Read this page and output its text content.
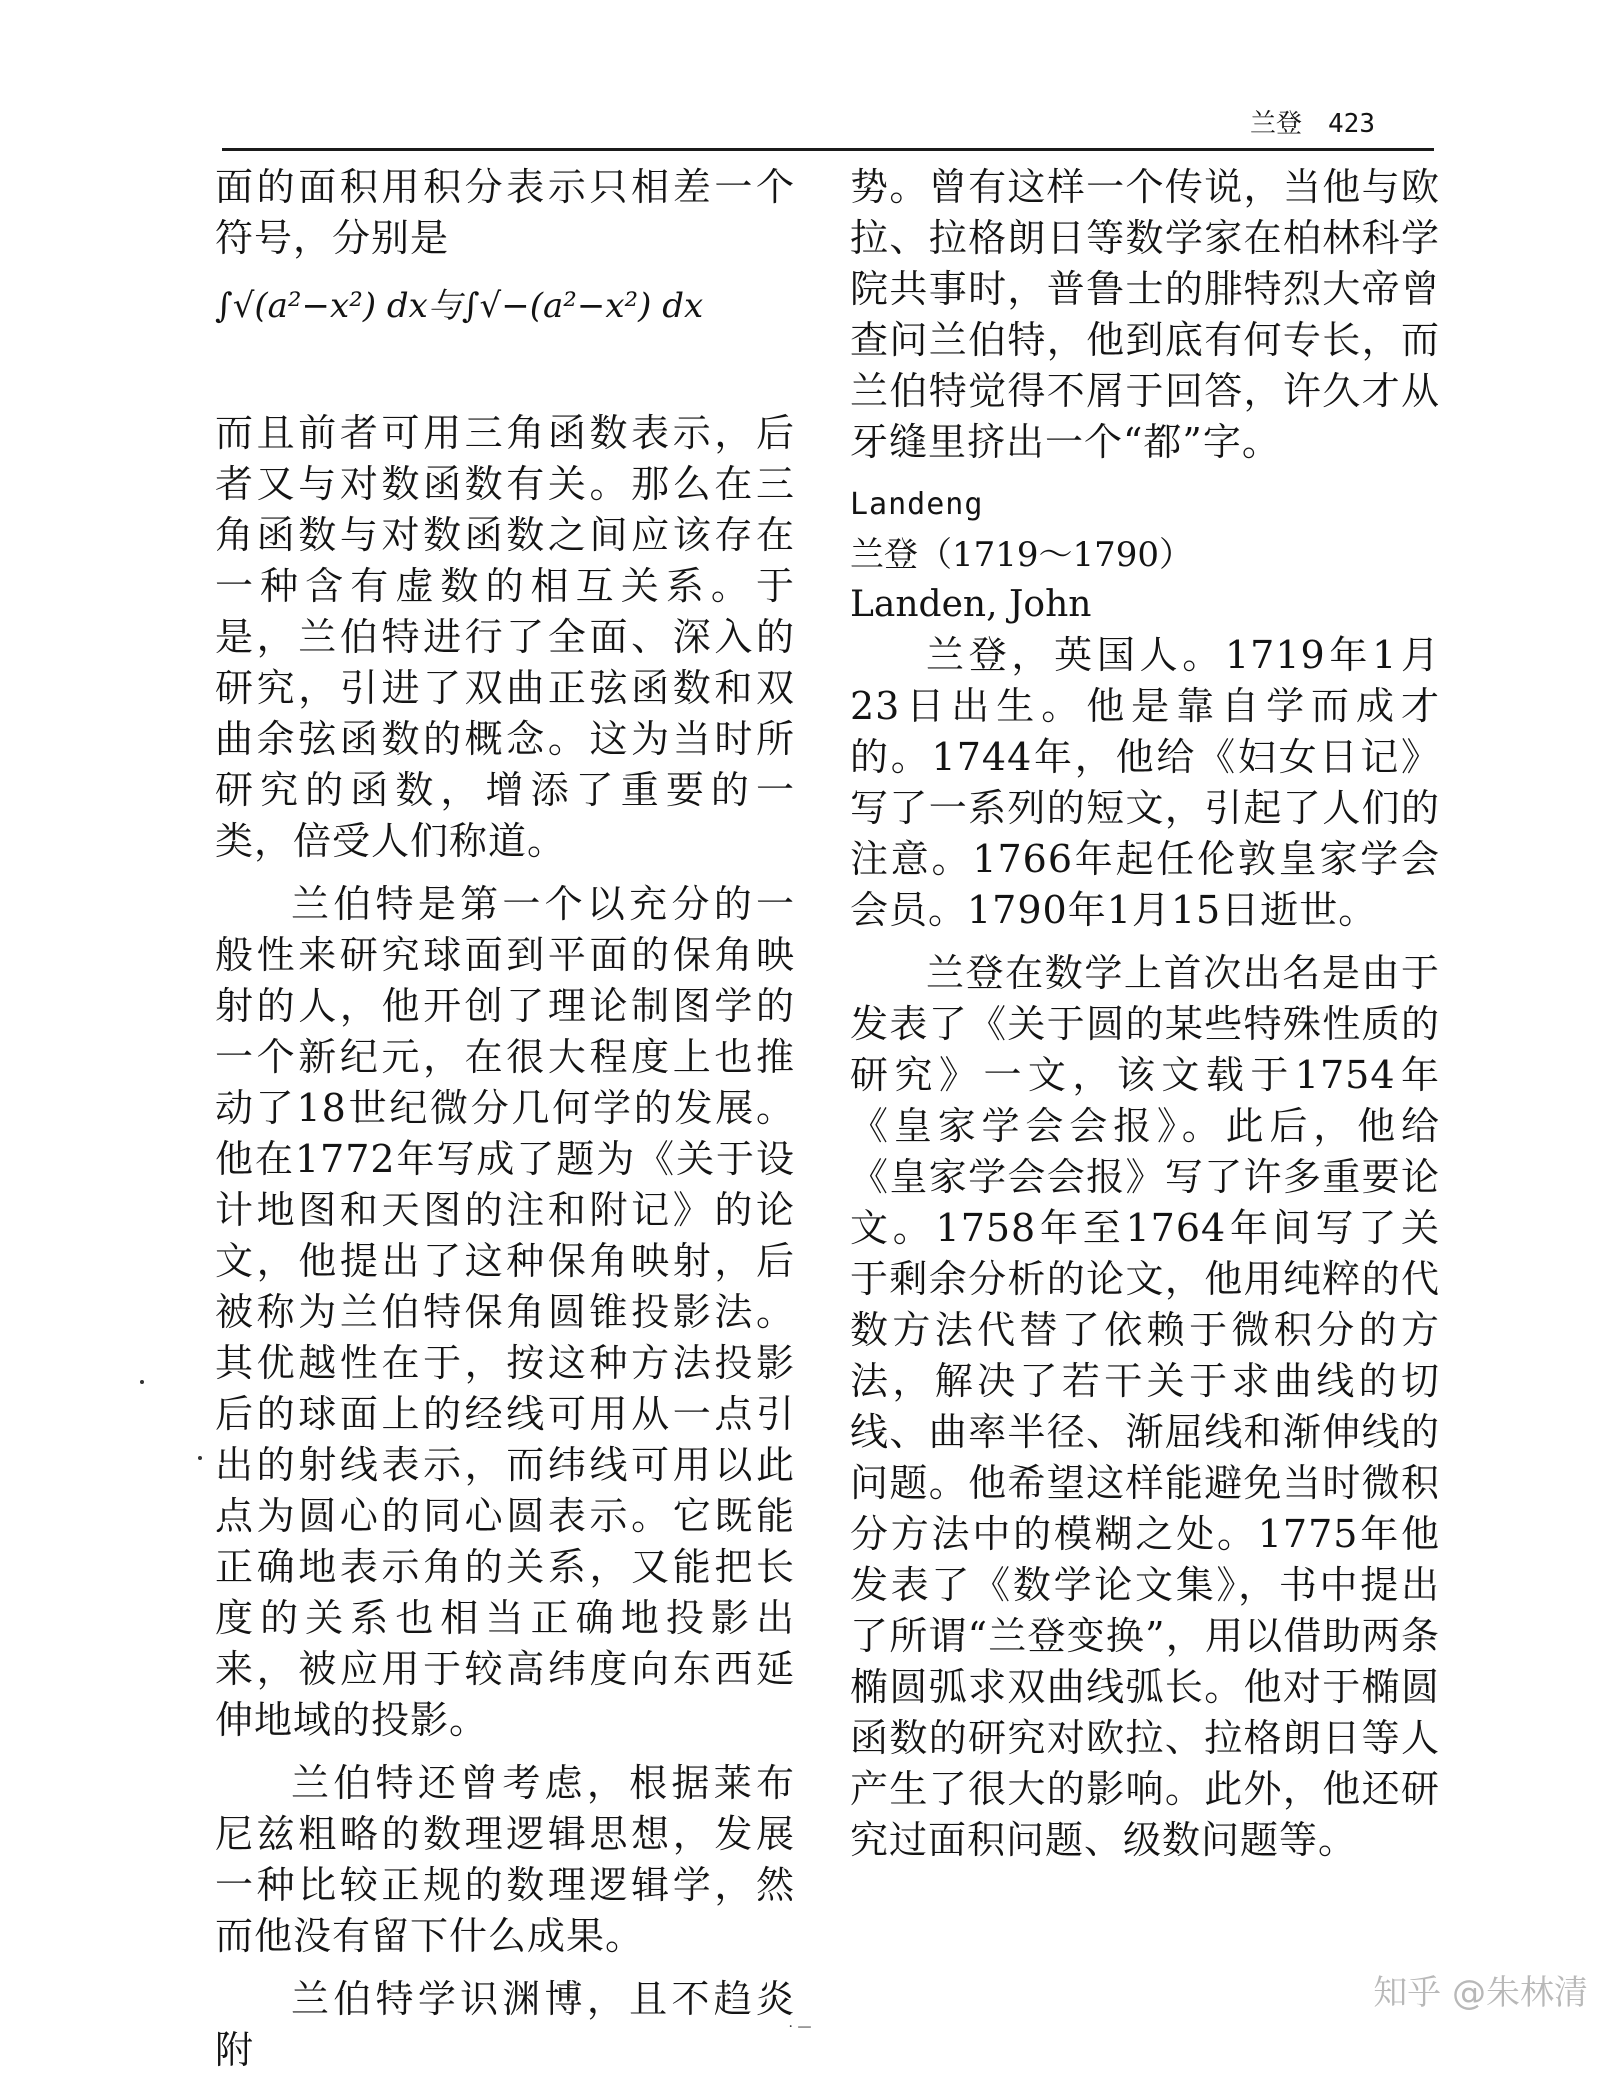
兰登 423

面的面积用积分表示只相差一个符号，分别是

∫√(a²−x²) dx与∫√−(a²−x²) dx

而且前者可用三角函数表示，后者又与对数函数有关。那么在三角函数与对数函数之间应该存在一种含有虚数的相互关系。于是，兰伯特进行了全面、深入的研究，引进了双曲正弦函数和双曲余弦函数的概念。这为当时所研究的函数，增添了重要的一类，倍受人们称道。

兰伯特是第一个以充分的一般性来研究球面到平面的保角映射的人，他开创了理论制图学的一个新纪元，在很大程度上也推动了18世纪微分几何学的发展。他在1772年写成了题为《关于设计地图和天图的注和附记》的论文，他提出了这种保角映射，后被称为兰伯特保角圆锥投影法。其优越性在于，按这种方法投影后的球面上的经线可用从一点引出的射线表示，而纬线可用以此点为圆心的同心圆表示。它既能正确地表示角的关系，又能把长度的关系也相当正确地投影出来，被应用于较高纬度向东西延伸地域的投影。

兰伯特还曾考虑，根据莱布尼兹粗略的数理逻辑思想，发展一种比较正规的数理逻辑学，然而他没有留下什么成果。

兰伯特学识渊博，且不趋炎附

势。曾有这样一个传说，当他与欧拉、拉格朗日等数学家在柏林科学院共事时，普鲁士的腓特烈大帝曾查问兰伯特，他到底有何专长，而兰伯特觉得不屑于回答，许久才从牙缝里挤出一个“都”字。

Landeng

兰登（1719～1790）

Landen, John

兰登，英国人。1719年1月23日出生。他是靠自学而成才的。1744年，他给《妇女日记》写了一系列的短文，引起了人们的注意。1766年起任伦敦皇家学会会员。1790年1月15日逝世。

兰登在数学上首次出名是由于发表了《关于圆的某些特殊性质的研究》一文，该文载于1754年《皇家学会会报》。此后，他给《皇家学会会报》写了许多重要论文。1758年至1764年间写了关于剩余分析的论文，他用纯粹的代数方法代替了依赖于微积分的方法，解决了若干关于求曲线的切线、曲率半径、渐屈线和渐伸线的问题。他希望这样能避免当时微积分方法中的模糊之处。1775年他发表了《数学论文集》，书中提出了所谓“兰登变换”，用以借助两条椭圆弧求双曲线弧长。他对于椭圆函数的研究对欧拉、拉格朗日等人产生了很大的影响。此外，他还研究过面积问题、级数问题等。

· —
知乎 @朱林清
